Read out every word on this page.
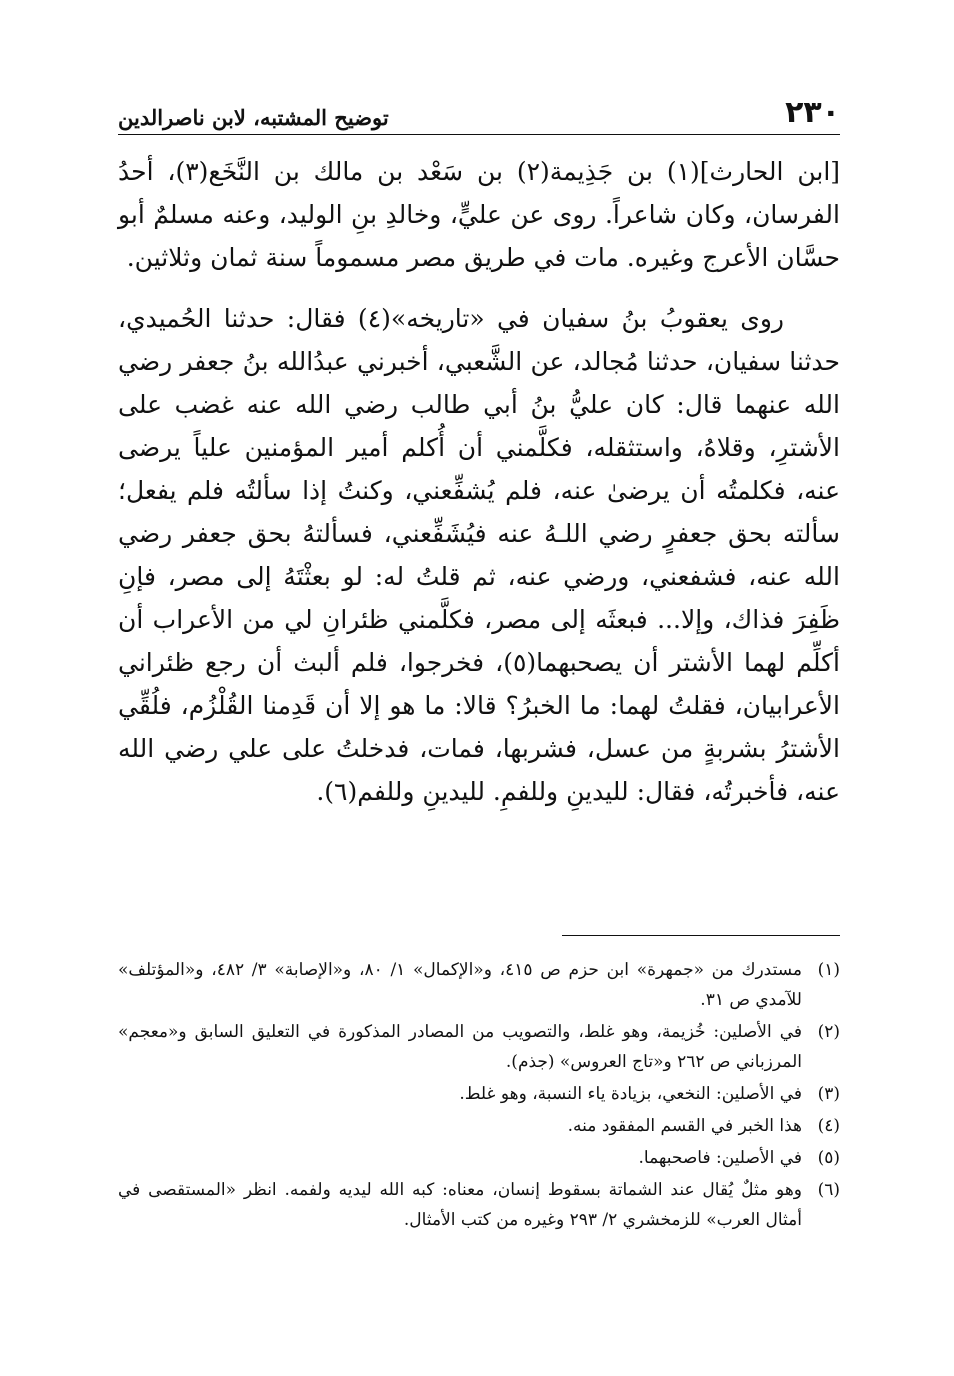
٢٣٠
توضيح المشتبه، لابن ناصرالدين

[ابن الحارث](١) بن جَذِيمة(٢) بن سَعْد بن مالك بن النَّخَع(٣)، أحدُ الفرسان، وكان شاعراً. روى عن عليٍّ، وخالدِ بنِ الوليد، وعنه مسلمٌ أبو حسَّان الأعرج وغيره. مات في طريق مصر مسموماً سنة ثمان وثلاثين.

روى يعقوبُ بنُ سفيان في «تاريخه»(٤) فقال: حدثنا الحُميدي، حدثنا سفيان، حدثنا مُجالد، عن الشَّعبي، أخبرني عبدُالله بنُ جعفر رضي الله عنهما قال: كان عليُّ بنُ أبي طالب رضي الله عنه غضب على الأشترِ، وقلاهُ، واستثقله، فكلَّمني أن أُكلم أمير المؤمنين علياً يرضى عنه، فكلمتُه أن يرضىٰ عنه، فلم يُشفِّعني، وكنتُ إذا سألتُه فلم يفعل؛ سألته بحق جعفرٍ رضي اللـهُ عنه فيُشَفِّعني، فسألتهُ بحق جعفر رضي الله عنه، فشفعني، ورضي عنه، ثم قلتُ له: لو بعثْتَهُ إلى مصر، فإنِ ظَفِرَ فذاك، وإلا... فبعثَه إلى مصر، فكلَّمني ظئرانِ لي من الأعراب أن أكلِّم لهما الأشتر أن يصحبهما(٥)، فخرجوا، فلم ألبث أن رجع ظئراني الأعرابيان، فقلتُ لهما: ما الخبرُ؟ قالا: ما هو إلا أن قَدِمنا القُلْزُم، فلُقِّي الأشترُ بشربةٍ من عسل، فشربها، فمات، فدخلتُ على علي رضي الله عنه، فأخبرتُه، فقال: لليدينِ وللفمِ. لليدينِ وللفم(٦).

(١)
مستدرك من «جمهرة» ابن حزم ص ٤١٥، و«الإكمال» ١/ ٨٠، و«الإصابة» ٣/ ٤٨٢، و«المؤتلف» للآمدي ص ٣١.
(٢)
في الأصلين: خُزيمة، وهو غلط، والتصويب من المصادر المذكورة في التعليق السابق و«معجم» المرزباني ص ٢٦٢ و«تاج العروس» (جذم).
(٣)
في الأصلين: النخعي، بزيادة ياء النسبة، وهو غلط.
(٤)
هذا الخبر في القسم المفقود منه.
(٥)
في الأصلين: فاصحبهما.
(٦)
وهو مثلٌ يُقال عند الشماتة بسقوط إنسان، معناه: كبه الله ليديه ولفمه. انظر «المستقصى في أمثال العرب» للزمخشري ٢/ ٢٩٣ وغيره من كتب الأمثال.
